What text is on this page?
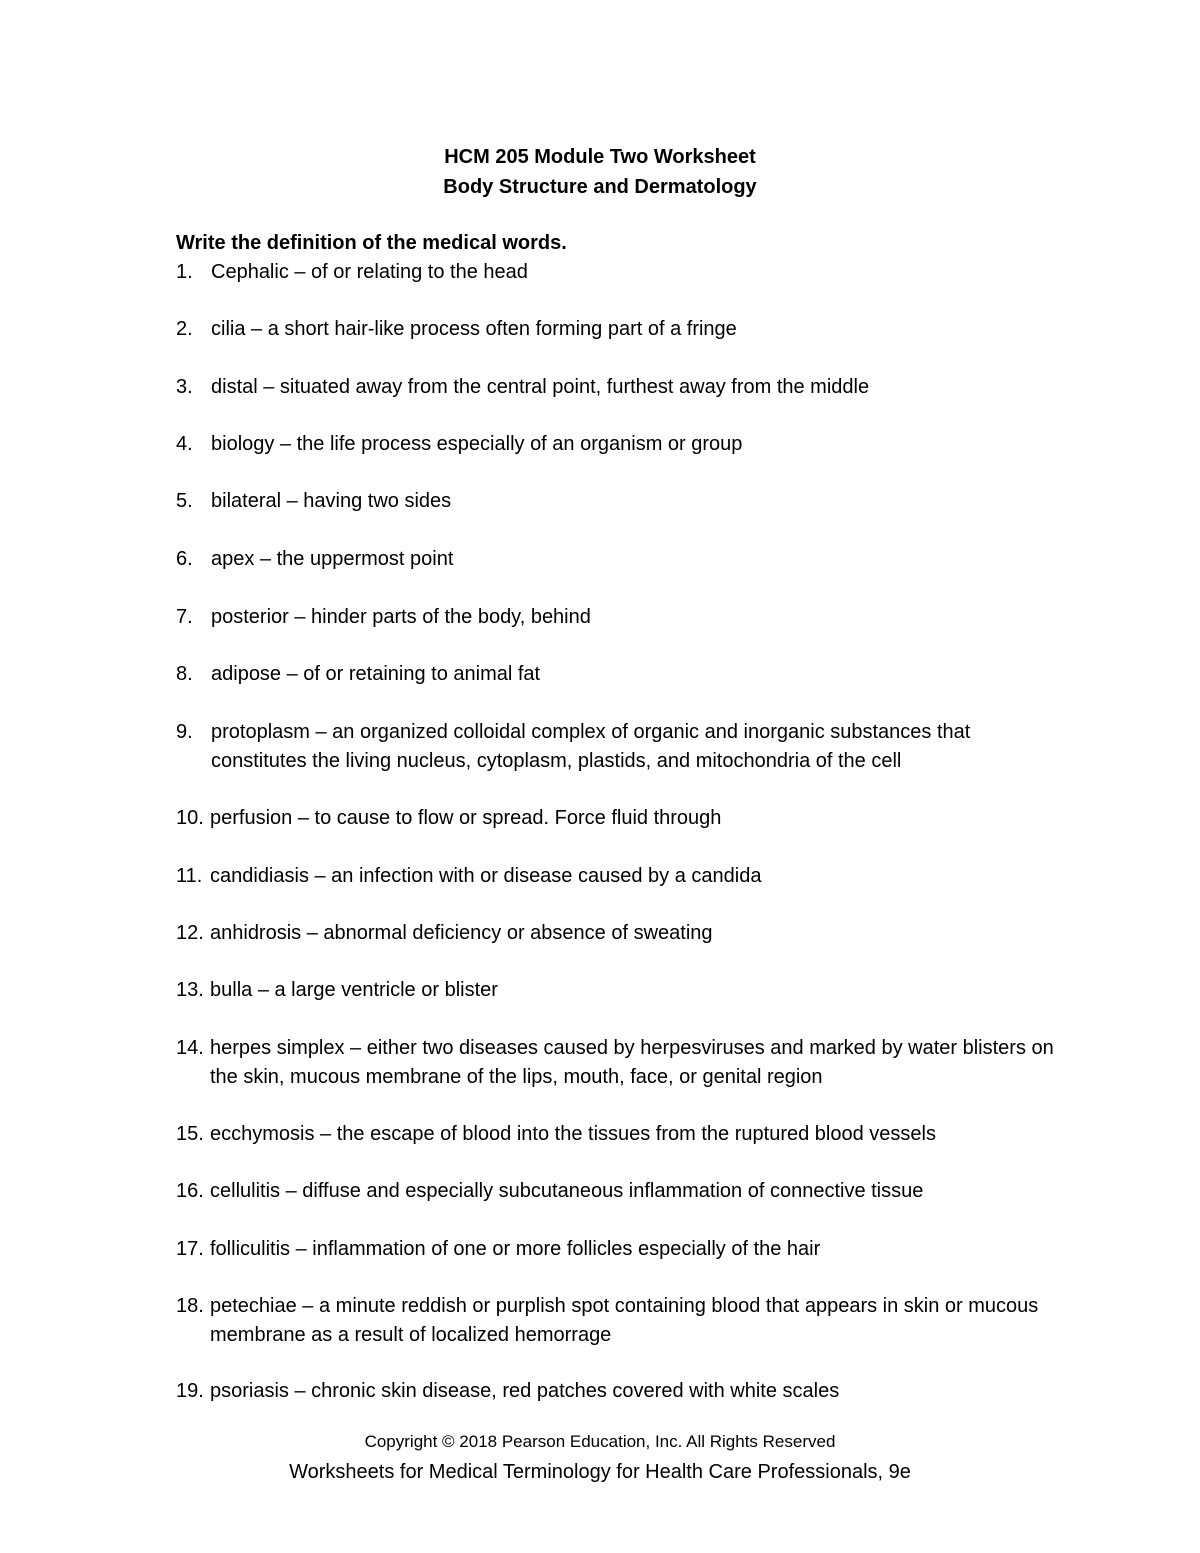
HCM 205 Module Two Worksheet
Body Structure and Dermatology
Write the definition of the medical words.
1. Cephalic – of or relating to the head
2. cilia – a short hair-like process often forming part of a fringe
3. distal – situated away from the central point, furthest away from the middle
4. biology – the life process especially of an organism or group
5. bilateral – having two sides
6. apex – the uppermost point
7. posterior – hinder parts of the body, behind
8. adipose – of or retaining to animal fat
9. protoplasm – an organized colloidal complex of organic and inorganic substances that constitutes the living nucleus, cytoplasm, plastids, and mitochondria of the cell
10. perfusion – to cause to flow or spread. Force fluid through
11. candidiasis – an infection with or disease caused by a candida
12. anhidrosis – abnormal deficiency or absence of sweating
13. bulla – a large ventricle or blister
14. herpes simplex – either two diseases caused by herpesviruses and marked by water blisters on the skin, mucous membrane of the lips, mouth, face, or genital region
15. ecchymosis – the escape of blood into the tissues from the ruptured blood vessels
16. cellulitis – diffuse and especially subcutaneous inflammation of connective tissue
17. folliculitis – inflammation of one or more follicles especially of the hair
18. petechiae – a minute reddish or purplish spot containing blood that appears in skin or mucous membrane as a result of localized hemorrage
19. psoriasis – chronic skin disease, red patches covered with white scales
Copyright © 2018 Pearson Education, Inc. All Rights Reserved
Worksheets for Medical Terminology for Health Care Professionals, 9e
